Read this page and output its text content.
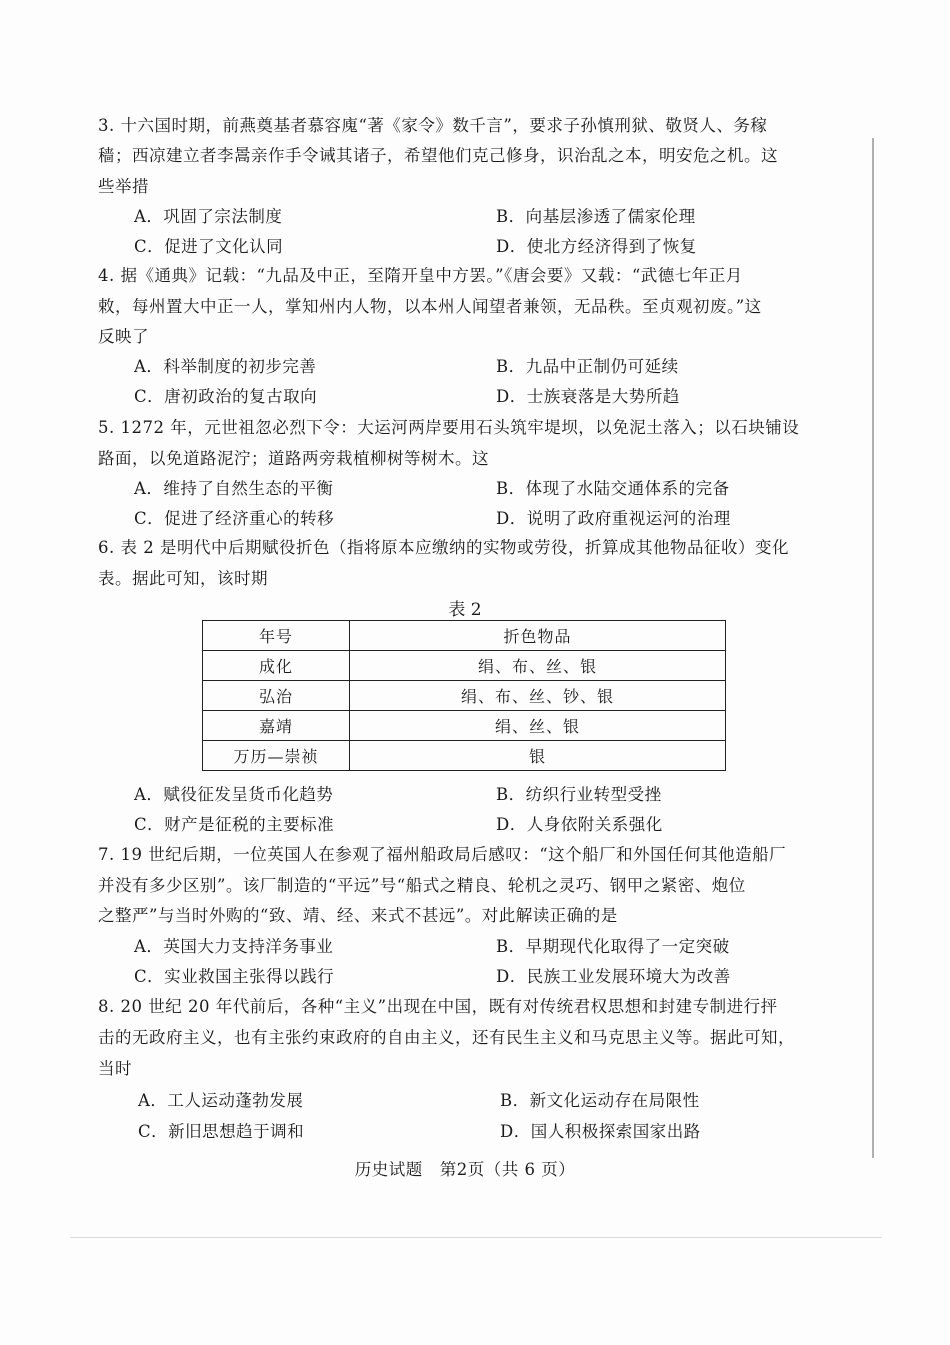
3. 十六国时期，前燕奠基者慕容廆“著《家令》数千言”，要求子孙慎刑狱、敬贤人、务稼
穑；西凉建立者李暠亲作手令诫其诸子，希望他们克己修身，识治乱之本，明安危之机。这
些举措
A．巩固了宗法制度	B．向基层渗透了儒家伦理
C．促进了文化认同	D．使北方经济得到了恢复
4. 据《通典》记载：“九品及中正，至隋开皇中方罢。”《唐会要》又载：“武德七年正月
敕，每州置大中正一人，掌知州内人物，以本州人闻望者兼领，无品秩。至贞观初废。”这
反映了
A．科举制度的初步完善	B．九品中正制仍可延续
C．唐初政治的复古取向	D．士族衰落是大势所趋
5. 1272 年，元世祖忽必烈下令：大运河两岸要用石头筑牢堤坝，以免泥土落入；以石块铺设
路面，以免道路泥泞；道路两旁栽植柳树等树木。这
A．维持了自然生态的平衡	B．体现了水陆交通体系的完备
C．促进了经济重心的转移	D．说明了政府重视运河的治理
6. 表 2 是明代中后期赋役折色（指将原本应缴纳的实物或劳役，折算成其他物品征收）变化
表。据此可知，该时期
表 2
年号	折色物品
成化	绢、布、丝、银
弘治	绢、布、丝、钞、银
嘉靖	绢、丝、银
万历—崇祯	银
A．赋役征发呈货币化趋势	B．纺织行业转型受挫
C．财产是征税的主要标准	D．人身依附关系强化
7. 19 世纪后期，一位英国人在参观了福州船政局后感叹：“这个船厂和外国任何其他造船厂
并没有多少区别”。该厂制造的“平远”号“船式之精良、轮机之灵巧、钢甲之紧密、炮位
之整严”与当时外购的“致、靖、经、来式不甚远”。对此解读正确的是
A．英国大力支持洋务事业	B．早期现代化取得了一定突破
C．实业救国主张得以践行	D．民族工业发展环境大为改善
8. 20 世纪 20 年代前后，各种“主义”出现在中国，既有对传统君权思想和封建专制进行抨
击的无政府主义，也有主张约束政府的自由主义，还有民生主义和马克思主义等。据此可知，
当时
A．工人运动蓬勃发展	B．新文化运动存在局限性
C．新旧思想趋于调和	D．国人积极探索国家出路
历史试题　第2页（共 6 页）
